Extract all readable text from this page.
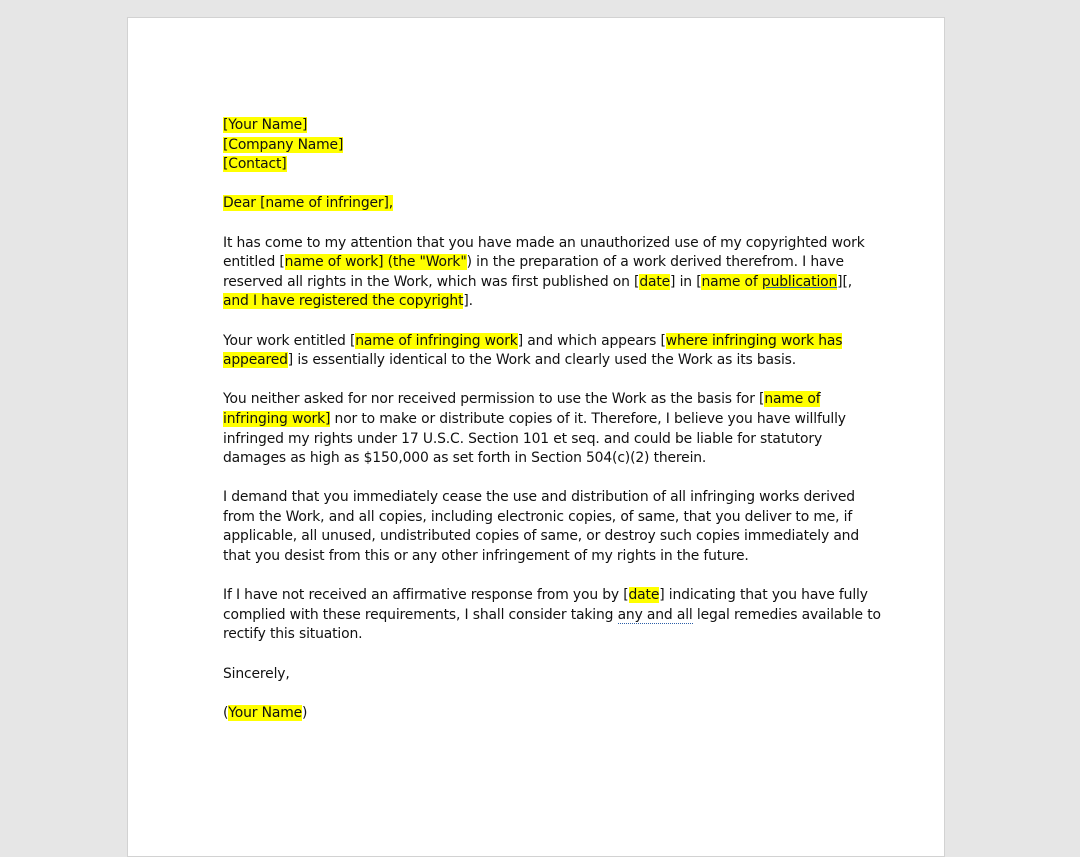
[Your Name]
[Company Name]
[Contact]
Dear [name of infringer],
It has come to my attention that you have made an unauthorized use of my copyrighted work
entitled [name of work] (the "Work") in the preparation of a work derived therefrom. I have
reserved all rights in the Work, which was first published on [date] in [name of publication][,
and I have registered the copyright].
Your work entitled [name of infringing work] and which appears [where infringing work has
appeared] is essentially identical to the Work and clearly used the Work as its basis.
You neither asked for nor received permission to use the Work as the basis for [name of
infringing work] nor to make or distribute copies of it. Therefore, I believe you have willfully
infringed my rights under 17 U.S.C. Section 101 et seq. and could be liable for statutory
damages as high as $150,000 as set forth in Section 504(c)(2) therein.
I demand that you immediately cease the use and distribution of all infringing works derived
from the Work, and all copies, including electronic copies, of same, that you deliver to me, if
applicable, all unused, undistributed copies of same, or destroy such copies immediately and
that you desist from this or any other infringement of my rights in the future.
If I have not received an affirmative response from you by [date] indicating that you have fully
complied with these requirements, I shall consider taking any and all legal remedies available to
rectify this situation.
Sincerely,
(Your Name)
